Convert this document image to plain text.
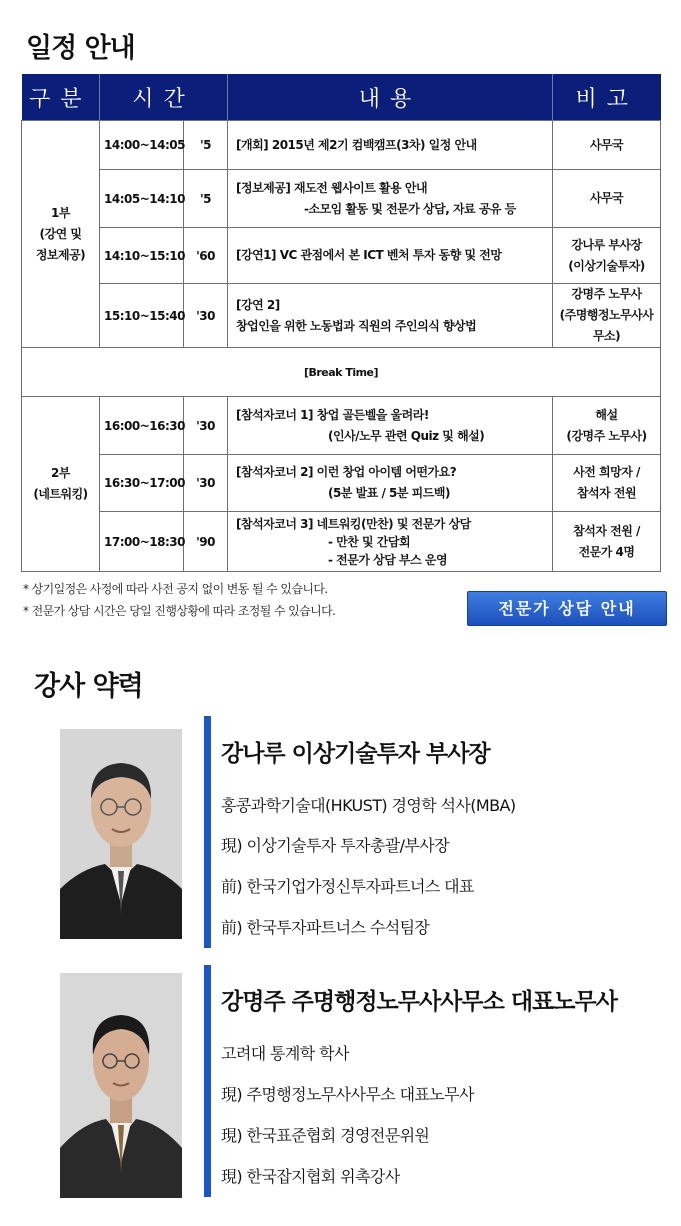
일정 안내
구분	시간		내용	비고

1부
(강연 및
정보제공)	14:00~14:05	'5	[개회] 2015년 제2기 컴백캠프(3차) 일정 안내	사무국

	14:05~14:10	'5	[정보제공] 재도전 웹사이트 활용 안내
-소모임 활동 및 전문가 상담, 자료 공유 등	사무국

	14:10~15:10	'60	[강연1] VC 관점에서 본 ICT 벤처 투자 동향 및 전망	강나루 부사장
(이상기술투자)

	15:10~15:40	'30	[강연 2]
창업인을 위한 노동법과 직원의 주인의식 향상법	강명주 노무사
(주명행정노무사사무소)

[Break Time]				

2부
(네트워킹)	16:00~16:30	'30	[참석자코너 1] 창업 골든벨을 울려라!
(인사/노무 관련 Quiz 및 해설)	해설
(강명주 노무사)

	16:30~17:00	'30	[참석자코너 2] 이런 창업 아이템 어떤가요?
(5분 발표 / 5분 피드백)	사전 희망자 /
참석자 전원

	17:00~18:30	'90	[참석자코너 3] 네트워킹(만찬) 및 전문가 상담
- 만찬 및 간담회
- 전문가 상담 부스 운영	참석자 전원 /
전문가 4명
* 상기일정은 사정에 따라 사전 공지 없이 변동 될 수 있습니다.
* 전문가 상담 시간은 당일 진행상황에 따라 조정될 수 있습니다.	전문가 상담 안내
강사 약력
강나루 이상기술투자 부사장
홍콩과학기술대(HKUST) 경영학 석사(MBA)
現) 이상기술투자 투자총괄/부사장
前) 한국기업가정신투자파트너스 대표
前) 한국투자파트너스 수석팀장
강명주 주명행정노무사사무소 대표노무사
고려대 통계학 학사
現) 주명행정노무사사무소 대표노무사
現) 한국표준협회 경영전문위원
現) 한국잡지협회 위촉강사
